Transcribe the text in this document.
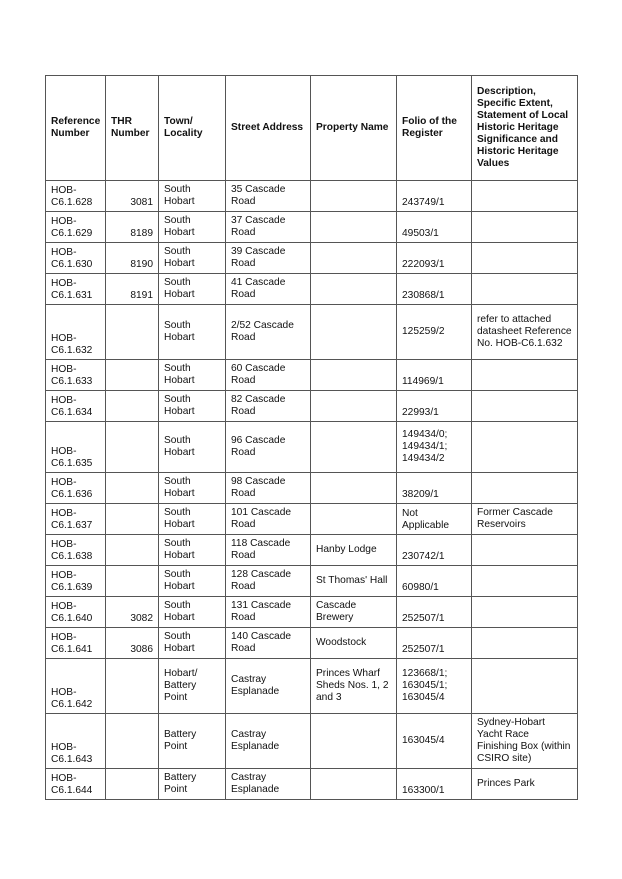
Reference Number	THR Number	Town/ Locality	Street Address	Property Name	Folio of the Register	Description, Specific Extent, Statement of Local Historic Heritage Significance and Historic Heritage Values
HOB-C6.1.628	3081	South Hobart	35 Cascade Road		243749/1	
HOB-C6.1.629	8189	South Hobart	37 Cascade Road		49503/1	
HOB-C6.1.630	8190	South Hobart	39 Cascade Road		222093/1	
HOB-C6.1.631	8191	South Hobart	41 Cascade Road		230868/1	
HOB-C6.1.632		South Hobart	2/52 Cascade Road		125259/2	refer to attached datasheet Reference No. HOB-C6.1.632
HOB-C6.1.633		South Hobart	60 Cascade Road		114969/1	
HOB-C6.1.634		South Hobart	82 Cascade Road		22993/1	
HOB-C6.1.635		South Hobart	96 Cascade Road		149434/0; 149434/1; 149434/2	
HOB-C6.1.636		South Hobart	98 Cascade Road		38209/1	
HOB-C6.1.637		South Hobart	101 Cascade Road		Not Applicable	Former Cascade Reservoirs
HOB-C6.1.638		South Hobart	118 Cascade Road	Hanby Lodge	230742/1	
HOB-C6.1.639		South Hobart	128 Cascade Road	St Thomas' Hall	60980/1	
HOB-C6.1.640	3082	South Hobart	131 Cascade Road	Cascade Brewery	252507/1	
HOB-C6.1.641	3086	South Hobart	140 Cascade Road	Woodstock	252507/1	
HOB-C6.1.642		Hobart/ Battery Point	Castray Esplanade	Princes Wharf Sheds Nos. 1, 2 and 3	123668/1; 163045/1; 163045/4	
HOB-C6.1.643		Battery Point	Castray Esplanade		163045/4	Sydney-Hobart Yacht Race Finishing Box (within CSIRO site)
HOB-C6.1.644		Battery Point	Castray Esplanade		163300/1	Princes Park
